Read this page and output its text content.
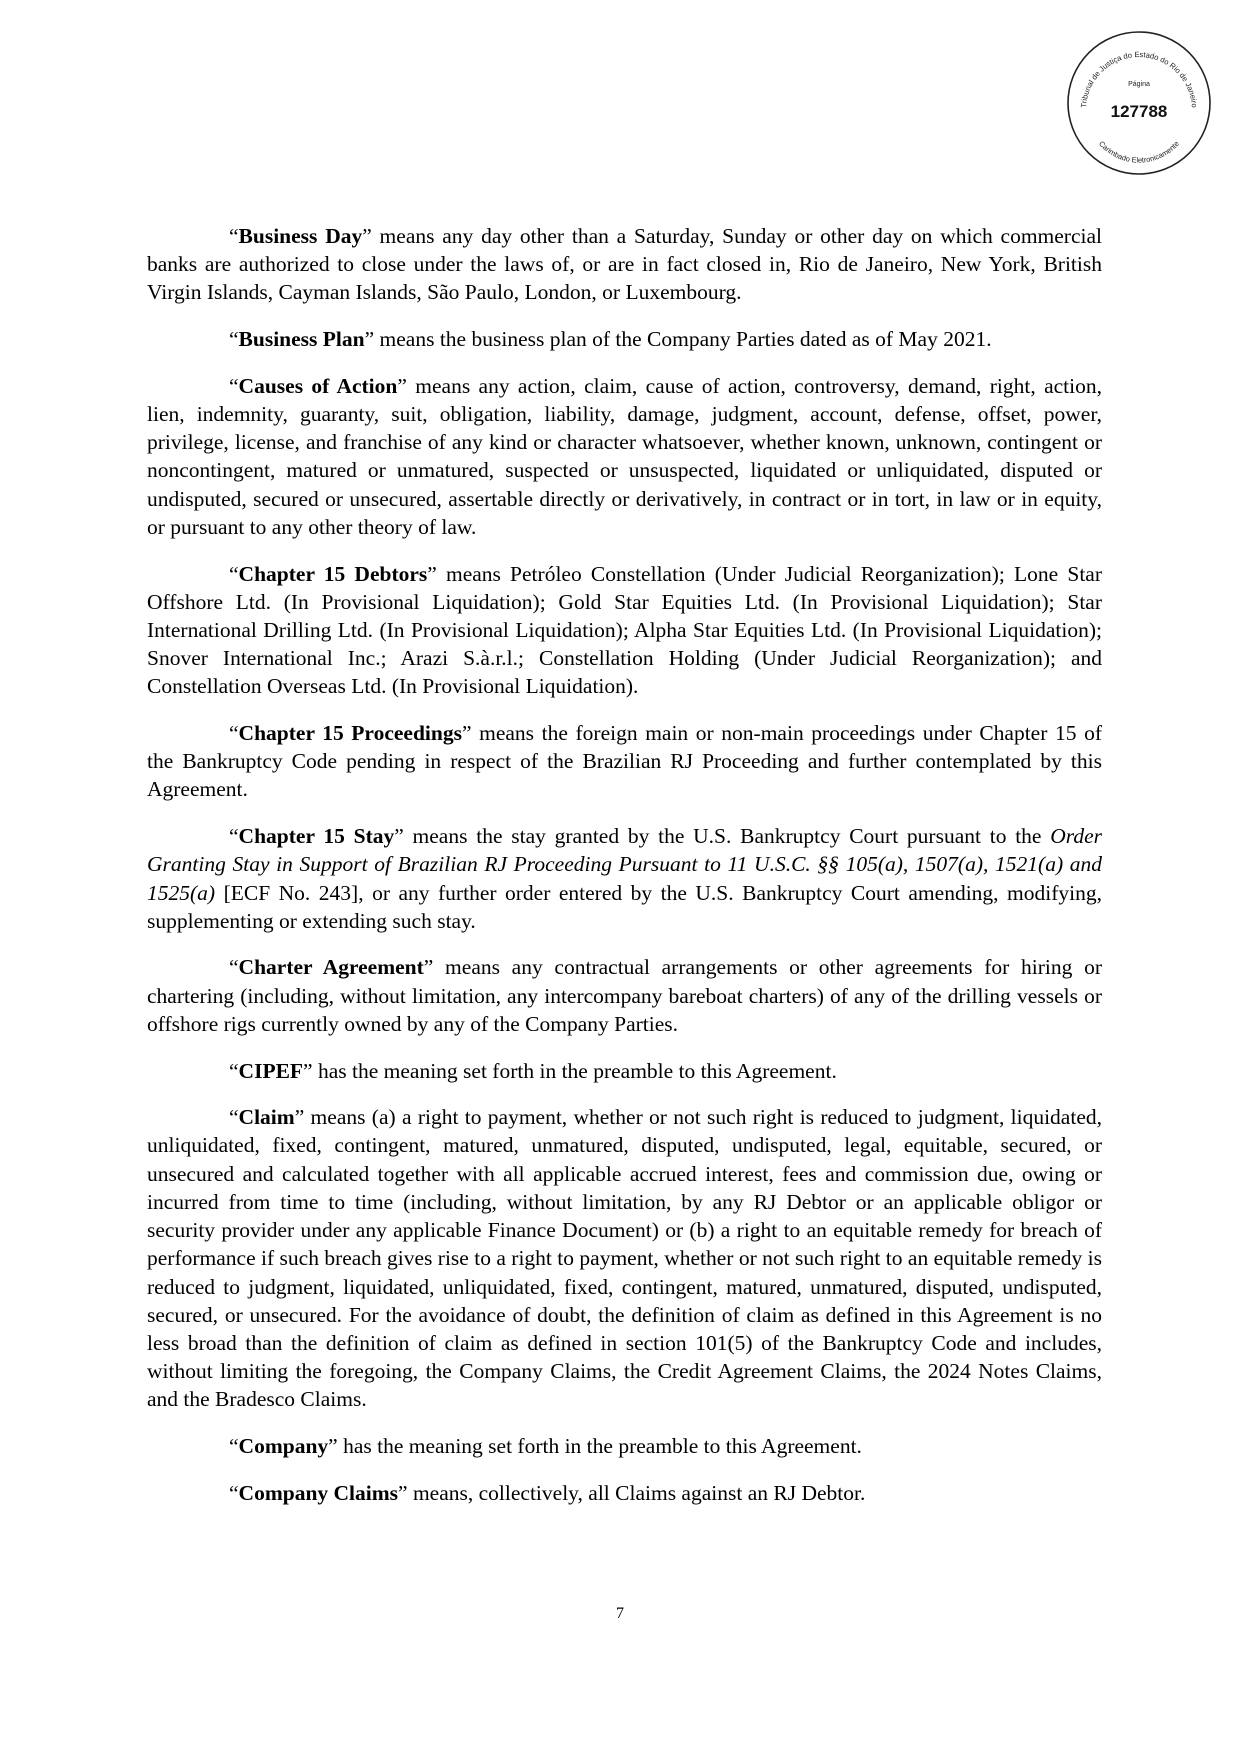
Tribunal de Justiça do Estado do Rio de Janeiro
Página
127788
Carimbado Eletronicamente

“Business Day” means any day other than a Saturday, Sunday or other day on which commercial banks are authorized to close under the laws of, or are in fact closed in, Rio de Janeiro, New York, British Virgin Islands, Cayman Islands, São Paulo, London, or Luxembourg.

“Business Plan” means the business plan of the Company Parties dated as of May 2021.

“Causes of Action” means any action, claim, cause of action, controversy, demand, right, action, lien, indemnity, guaranty, suit, obligation, liability, damage, judgment, account, defense, offset, power, privilege, license, and franchise of any kind or character whatsoever, whether known, unknown, contingent or noncontingent, matured or unmatured, suspected or unsuspected, liquidated or unliquidated, disputed or undisputed, secured or unsecured, assertable directly or derivatively, in contract or in tort, in law or in equity, or pursuant to any other theory of law.

“Chapter 15 Debtors” means Petróleo Constellation (Under Judicial Reorganization); Lone Star Offshore Ltd. (In Provisional Liquidation); Gold Star Equities Ltd. (In Provisional Liquidation); Star International Drilling Ltd. (In Provisional Liquidation); Alpha Star Equities Ltd. (In Provisional Liquidation); Snover International Inc.; Arazi S.à.r.l.; Constellation Holding (Under Judicial Reorganization); and Constellation Overseas Ltd. (In Provisional Liquidation).

“Chapter 15 Proceedings” means the foreign main or non-main proceedings under Chapter 15 of the Bankruptcy Code pending in respect of the Brazilian RJ Proceeding and further contemplated by this Agreement.

“Chapter 15 Stay” means the stay granted by the U.S. Bankruptcy Court pursuant to the Order Granting Stay in Support of Brazilian RJ Proceeding Pursuant to 11 U.S.C. §§ 105(a), 1507(a), 1521(a) and 1525(a) [ECF No. 243], or any further order entered by the U.S. Bankruptcy Court amending, modifying, supplementing or extending such stay.

“Charter Agreement” means any contractual arrangements or other agreements for hiring or chartering (including, without limitation, any intercompany bareboat charters) of any of the drilling vessels or offshore rigs currently owned by any of the Company Parties.

“CIPEF” has the meaning set forth in the preamble to this Agreement.

“Claim” means (a) a right to payment, whether or not such right is reduced to judgment, liquidated, unliquidated, fixed, contingent, matured, unmatured, disputed, undisputed, legal, equitable, secured, or unsecured and calculated together with all applicable accrued interest, fees and commission due, owing or incurred from time to time (including, without limitation, by any RJ Debtor or an applicable obligor or security provider under any applicable Finance Document) or (b) a right to an equitable remedy for breach of performance if such breach gives rise to a right to payment, whether or not such right to an equitable remedy is reduced to judgment, liquidated, unliquidated, fixed, contingent, matured, unmatured, disputed, undisputed, secured, or unsecured. For the avoidance of doubt, the definition of claim as defined in this Agreement is no less broad than the definition of claim as defined in section 101(5) of the Bankruptcy Code and includes, without limiting the foregoing, the Company Claims, the Credit Agreement Claims, the 2024 Notes Claims, and the Bradesco Claims.

“Company” has the meaning set forth in the preamble to this Agreement.

“Company Claims” means, collectively, all Claims against an RJ Debtor.

7
